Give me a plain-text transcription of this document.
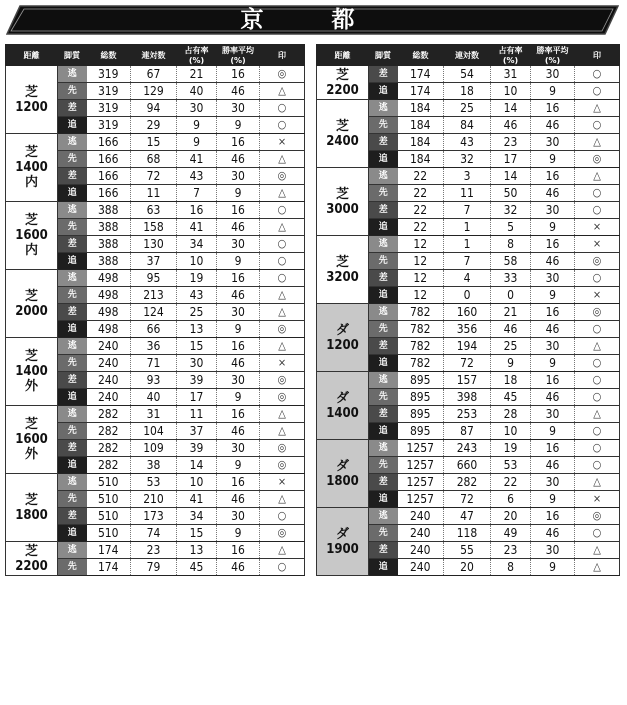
京 都
距離	脚質	総数	連対数	占有率(%)	勝率平均(%)	印
芝
1200	逃	319	67	21	16	◎
	先	319	129	40	46	△
	差	319	94	30	30	○
	追	319	29	9	9	○
芝
1400
内	逃	166	15	9	16	×
	先	166	68	41	46	△
	差	166	72	43	30	◎
	追	166	11	7	9	△
芝
1600
内	逃	388	63	16	16	○
	先	388	158	41	46	△
	差	388	130	34	30	○
	追	388	37	10	9	○
芝
2000	逃	498	95	19	16	○
	先	498	213	43	46	△
	差	498	124	25	30	△
	追	498	66	13	9	◎
芝
1400
外	逃	240	36	15	16	△
	先	240	71	30	46	×
	差	240	93	39	30	◎
	追	240	40	17	9	◎
芝
1600
外	逃	282	31	11	16	△
	先	282	104	37	46	△
	差	282	109	39	30	◎
	追	282	38	14	9	◎
芝
1800	逃	510	53	10	16	×
	先	510	210	41	46	△
	差	510	173	34	30	○
	追	510	74	15	9	◎
芝
2200	逃	174	23	13	16	△
	先	174	79	45	46	○
距離	脚質	総数	連対数	占有率(%)	勝率平均(%)	印
芝
2200	差	174	54	31	30	○
	追	174	18	10	9	○
芝
2400	逃	184	25	14	16	△
	先	184	84	46	46	○
	差	184	43	23	30	△
	追	184	32	17	9	◎
芝
3000	逃	22	3	14	16	△
	先	22	11	50	46	○
	差	22	7	32	30	○
	追	22	1	5	9	×
芝
3200	逃	12	1	8	16	×
	先	12	7	58	46	◎
	差	12	4	33	30	○
	追	12	0	0	9	×
ダ
1200	逃	782	160	21	16	◎
	先	782	356	46	46	○
	差	782	194	25	30	△
	追	782	72	9	9	○
ダ
1400	逃	895	157	18	16	○
	先	895	398	45	46	○
	差	895	253	28	30	△
	追	895	87	10	9	○
ダ
1800	逃	1257	243	19	16	○
	先	1257	660	53	46	○
	差	1257	282	22	30	△
	追	1257	72	6	9	×
ダ
1900	逃	240	47	20	16	◎
	先	240	118	49	46	○
	差	240	55	23	30	△
	追	240	20	8	9	△
